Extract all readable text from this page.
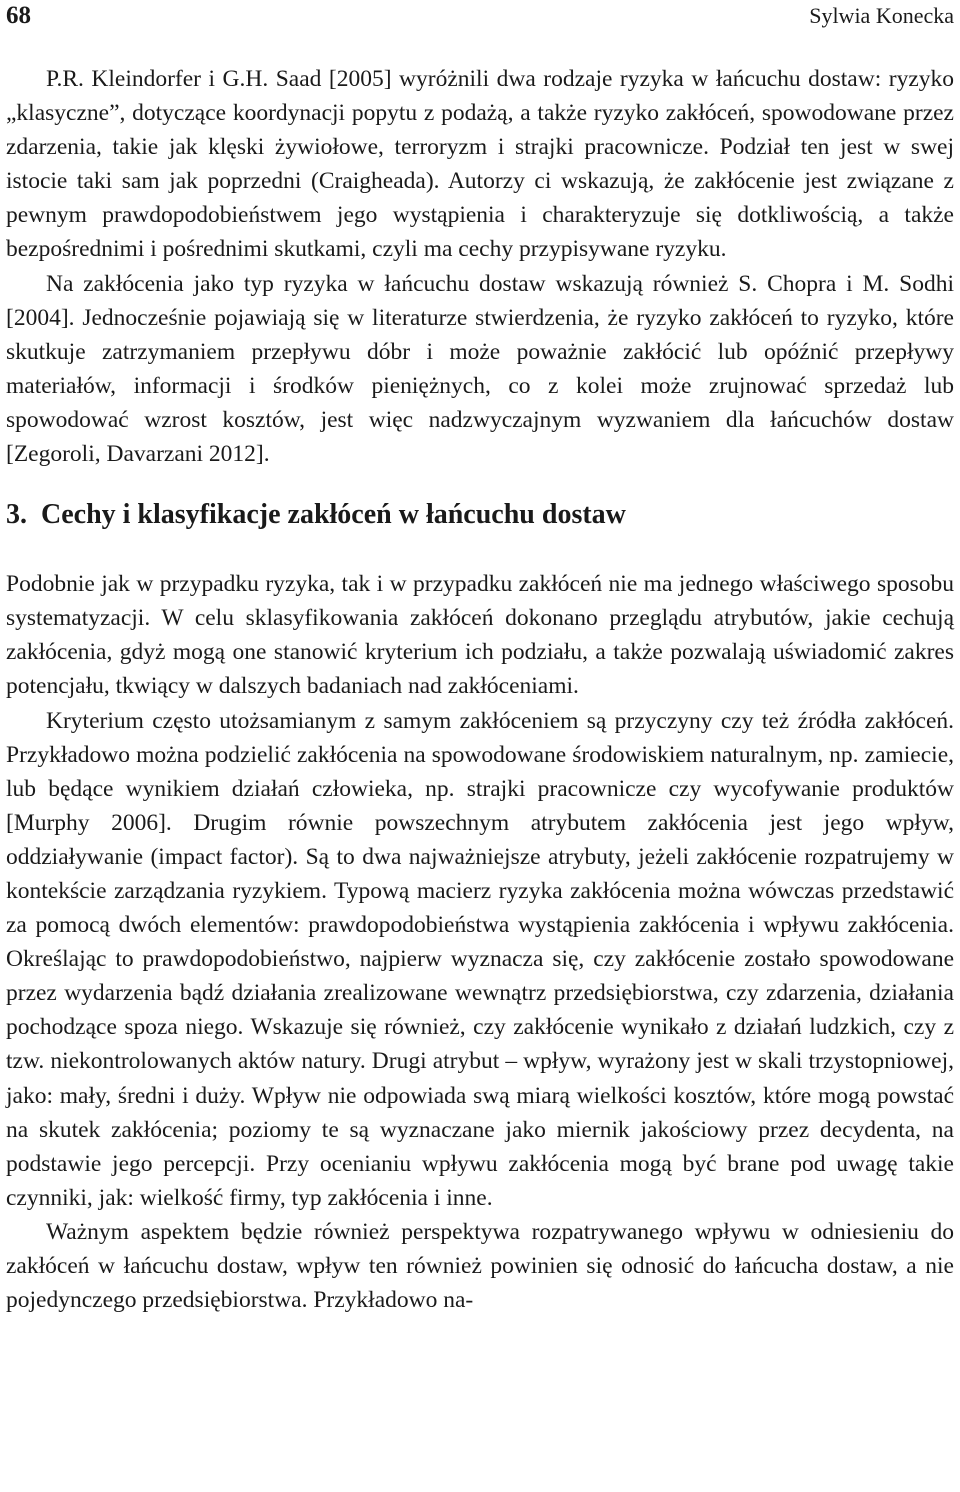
68	Sylwia Konecka

P.R. Kleindorfer i G.H. Saad [2005] wyróżnili dwa rodzaje ryzyka w łańcuchu dostaw: ryzyko „klasyczne”, dotyczące koordynacji popytu z podażą, a także ryzyko zakłóceń, spowodowane przez zdarzenia, takie jak klęski żywiołowe, terroryzm i strajki pracownicze. Podział ten jest w swej istocie taki sam jak poprzedni (Craigheada). Autorzy ci wskazują, że zakłócenie jest związane z pewnym prawdopodobieństwem jego wystąpienia i charakteryzuje się dotkliwością, a także bezpośrednimi i pośrednimi skutkami, czyli ma cechy przypisywane ryzyku.

Na zakłócenia jako typ ryzyka w łańcuchu dostaw wskazują również S. Chopra i M. Sodhi [2004]. Jednocześnie pojawiają się w literaturze stwierdzenia, że ryzyko zakłóceń to ryzyko, które skutkuje zatrzymaniem przepływu dóbr i może poważnie zakłócić lub opóźnić przepływy materiałów, informacji i środków pieniężnych, co z kolei może zrujnować sprzedaż lub spowodować wzrost kosztów, jest więc nadzwyczajnym wyzwaniem dla łańcuchów dostaw [Zegoroli, Davarzani 2012].

3. Cechy i klasyfikacje zakłóceń w łańcuchu dostaw

Podobnie jak w przypadku ryzyka, tak i w przypadku zakłóceń nie ma jednego właściwego sposobu systematyzacji. W celu sklasyfikowania zakłóceń dokonano przeglądu atrybutów, jakie cechują zakłócenia, gdyż mogą one stanowić kryterium ich podziału, a także pozwalają uświadomić zakres potencjału, tkwiący w dalszych badaniach nad zakłóceniami.

Kryterium często utożsamianym z samym zakłóceniem są przyczyny czy też źródła zakłóceń. Przykładowo można podzielić zakłócenia na spowodowane środowiskiem naturalnym, np. zamiecie, lub będące wynikiem działań człowieka, np. strajki pracownicze czy wycofywanie produktów [Murphy 2006]. Drugim równie powszechnym atrybutem zakłócenia jest jego wpływ, oddziaływanie (impact factor). Są to dwa najważniejsze atrybuty, jeżeli zakłócenie rozpatrujemy w kontekście zarządzania ryzykiem. Typową macierz ryzyka zakłócenia można wówczas przedstawić za pomocą dwóch elementów: prawdopodobieństwa wystąpienia zakłócenia i wpływu zakłócenia. Określając to prawdopodobieństwo, najpierw wyznacza się, czy zakłócenie zostało spowodowane przez wydarzenia bądź działania zrealizowane wewnątrz przedsiębiorstwa, czy zdarzenia, działania pochodzące spoza niego. Wskazuje się również, czy zakłócenie wynikało z działań ludzkich, czy z tzw. niekontrolowanych aktów natury. Drugi atrybut – wpływ, wyrażony jest w skali trzystopniowej, jako: mały, średni i duży. Wpływ nie odpowiada swą miarą wielkości kosztów, które mogą powstać na skutek zakłócenia; poziomy te są wyznaczane jako miernik jakościowy przez decydenta, na podstawie jego percepcji. Przy ocenianiu wpływu zakłócenia mogą być brane pod uwagę takie czynniki, jak: wielkość firmy, typ zakłócenia i inne.

Ważnym aspektem będzie również perspektywa rozpatrywanego wpływu w odniesieniu do zakłóceń w łańcuchu dostaw, wpływ ten również powinien się odnosić do łańcucha dostaw, a nie pojedynczego przedsiębiorstwa. Przykładowo na-
